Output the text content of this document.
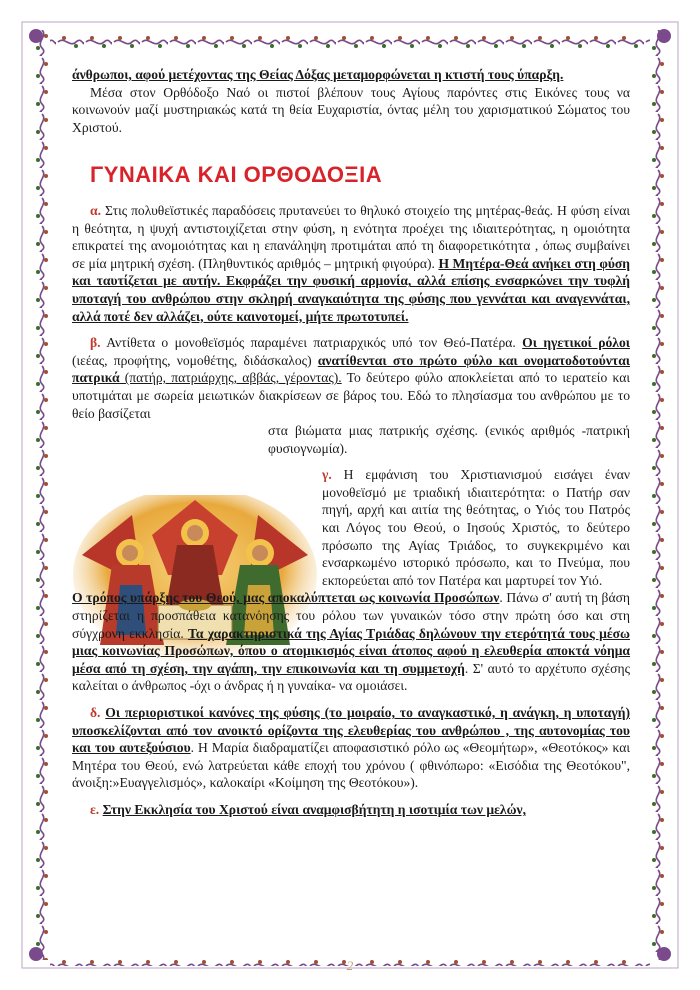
άνθρωποι, αφού μετέχοντας της Θείας Δόξας μεταμορφώνεται η κτιστή τους ύπαρξη.

Μέσα στον Ορθόδοξο Ναό οι πιστοί βλέπουν τους Αγίους παρόντες στις Εικόνες τους να κοινωνούν μαζί μυστηριακώς κατά τη θεία Ευχαριστία, όντας μέλη του χαρισματικού Σώματος του Χριστού.

ΓΥΝΑΙΚΑ ΚΑΙ ΟΡΘΟΔΟΞΙΑ

α. Στις πολυθεϊστικές παραδόσεις πρυτανεύει το θηλυκό στοιχείο της μητέρας-θεάς. Η φύση είναι η θεότητα, η ψυχή αντιστοιχίζεται στην φύση, η ενότητα προέχει της ιδιαιτερότητας, η ομοιότητα επικρατεί της ανομοιότητας και η επανάληψη προτιμάται από τη διαφορετικότητα , όπως συμβαίνει σε μία μητρική σχέση. (Πληθυντικός αριθμός – μητρική φιγούρα). Η Μητέρα-Θεά ανήκει στη φύση και ταυτίζεται με αυτήν. Εκφράζει την φυσική αρμονία, αλλά επίσης ενσαρκώνει την τυφλή υποταγή του ανθρώπου στην σκληρή αναγκαιότητα της φύσης που γεννάται και αναγεννάται, αλλά ποτέ δεν αλλάζει, ούτε καινοτομεί, μήτε πρωτοτυπεί.

β. Αντίθετα ο μονοθεϊσμός παραμένει πατριαρχικός υπό τον Θεό-Πατέρα. Οι ηγετικοί ρόλοι (ιεέας, προφήτης, νομοθέτης, διδάσκαλος) ανατίθενται στο πρώτο φύλο και ονοματοδοτούνται πατρικά (πατήρ, πατριάρχης, αββάς, γέροντας). Το δεύτερο φύλο αποκλείεται από το ιερατείο και υποτιμάται με σωρεία μειωτικών διακρίσεων σε βάρος του. Εδώ το πλησίασμα του ανθρώπου με το θείο βασίζεται

στα βιώματα μιας πατρικής σχέσης. (ενικός αριθμός -πατρική φυσιογνωμία).

γ. Η εμφάνιση του Χριστιανισμού εισάγει έναν μονοθεϊσμό με τριαδική ιδιαιτερότητα: ο Πατήρ σαν πηγή, αρχή και αιτία της θεότητας, ο Υιός του Πατρός και Λόγος του Θεού, ο Ιησούς Χριστός, το δεύτερο πρόσωπο της Αγίας Τριάδος, το συγκεκριμένο και ενσαρκωμένο ιστορικό πρόσωπο, και το Πνεύμα, που εκπορεύεται από τον Πατέρα και μαρτυρεί τον Υιό.

Ο τρόπος υπάρξης του Θεού, μας αποκαλύπτεται ως κοινωνία Προσώπων. Πάνω σ' αυτή τη βάση στηρίζεται η προσπάθεια κατανόησης του ρόλου των γυναικών τόσο στην πρώτη όσο και στη σύγχρονη εκκλησία. Τα χαρακτηριστικά της Αγίας Τριάδας δηλώνουν την ετερότητά τους μέσω μιας κοινωνίας Προσώπων, όπου ο ατομικισμός είναι άτοπος αφού η ελευθερία αποκτά νόημα μέσα από τη σχέση, την αγάπη, την επικοινωνία και τη συμμετοχή. Σ' αυτό το αρχέτυπο σχέσης καλείται ο άνθρωπος -όχι ο άνδρας ή η γυναίκα- να ομοιάσει.

δ. Οι περιοριστικοί κανόνες της φύσης (το μοιραίο, το αναγκαστικό, η ανάγκη, η υποταγή) υποσκελίζονται από τον ανοικτό ορίζοντα της ελευθερίας του ανθρώπου , της αυτονομίας του και του αυτεξούσιου. Η Μαρία διαδραματίζει αποφασιστικό ρόλο ως «Θεομήτωρ», «Θεοτόκος» και Μητέρα του Θεού, ενώ λατρεύεται κάθε εποχή του χρόνου ( φθινόπωρο: «Εισόδια της Θεοτόκου", άνοιξη:»Ευαγγελισμός», καλοκαίρι «Κοίμηση της Θεοτόκου»).

ε. Στην Εκκλησία του Χριστού είναι αναμφισβήτητη η ισοτιμία των μελών,

2
